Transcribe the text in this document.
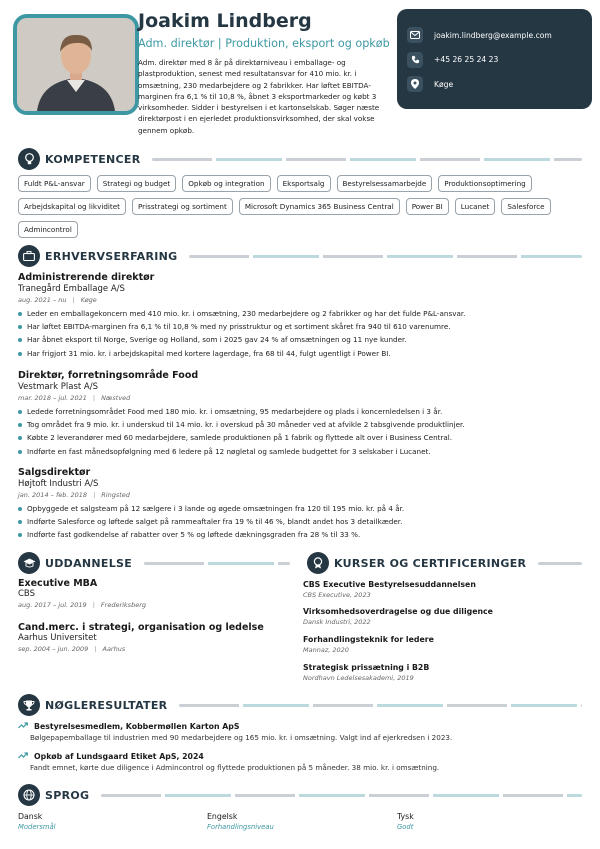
Joakim Lindberg
Adm. direktør | Produktion, eksport og opkøb
Adm. direktør med 8 år på direktørniveau i emballage- og plastproduktion, senest med resultatansvar for 410 mio. kr. i omsætning, 230 medarbejdere og 2 fabrikker. Har løftet EBITDA-marginen fra 6,1 % til 10,8 %, åbnet 3 eksportmarkeder og købt 3 virksomheder. Sidder i bestyrelsen i et kartonselskab. Søger næste direktørpost i en ejerledet produktionsvirksomhed, der skal vokse gennem opkøb.
joakim.lindberg@example.com
+45 26 25 24 23
Køge
KOMPETENCER
Fuldt P&L-ansvar	Strategi og budget	Opkøb og integration	Eksportsalg	Bestyrelsessamarbejde	Produktionsoptimering
Arbejdskapital og likviditet	Prisstrategi og sortiment	Microsoft Dynamics 365 Business Central	Power BI	Lucanet	Salesforce
Admincontrol
ERHVERVSERFARING
Administrerende direktør
Tranegård Emballage A/S
aug. 2021 – nu | Køge
Leder en emballagekoncern med 410 mio. kr. i omsætning, 230 medarbejdere og 2 fabrikker og har det fulde P&L-ansvar.
Har løftet EBITDA-marginen fra 6,1 % til 10,8 % med ny prisstruktur og et sortiment skåret fra 940 til 610 varenumre.
Har åbnet eksport til Norge, Sverige og Holland, som i 2025 gav 24 % af omsætningen og 11 nye kunder.
Har frigjort 31 mio. kr. i arbejdskapital med kortere lagerdage, fra 68 til 44, fulgt ugentligt i Power BI.
Direktør, forretningsområde Food
Vestmark Plast A/S
mar. 2018 – jul. 2021 | Næstved
Ledede forretningsområdet Food med 180 mio. kr. i omsætning, 95 medarbejdere og plads i koncernledelsen i 3 år.
Tog området fra 9 mio. kr. i underskud til 14 mio. kr. i overskud på 30 måneder ved at afvikle 2 tabsgivende produktlinjer.
Købte 2 leverandører med 60 medarbejdere, samlede produktionen på 1 fabrik og flyttede alt over i Business Central.
Indførte en fast månedsopfølgning med 6 ledere på 12 nøgletal og samlede budgettet for 3 selskaber i Lucanet.
Salgsdirektør
Højtoft Industri A/S
jan. 2014 – feb. 2018 | Ringsted
Opbyggede et salgsteam på 12 sælgere i 3 lande og øgede omsætningen fra 120 til 195 mio. kr. på 4 år.
Indførte Salesforce og løftede salget på rammeaftaler fra 19 % til 46 %, blandt andet hos 3 detailkæder.
Indførte fast godkendelse af rabatter over 5 % og løftede dækningsgraden fra 28 % til 33 %.
UDDANNELSE
Executive MBA
CBS
aug. 2017 – jul. 2019 | Frederiksberg
Cand.merc. i strategi, organisation og ledelse
Aarhus Universitet
sep. 2004 – jun. 2009 | Aarhus
KURSER OG CERTIFICERINGER
CBS Executive Bestyrelsesuddannelsen
CBS Executive, 2023
Virksomhedsoverdragelse og due diligence
Dansk Industri, 2022
Forhandlingsteknik for ledere
Mannaz, 2020
Strategisk prissætning i B2B
Nordhavn Ledelsesakademi, 2019
NØGLERESULTATER
Bestyrelsesmedlem, Kobbermøllen Karton ApS
Bølgepapemballage til industrien med 90 medarbejdere og 165 mio. kr. i omsætning. Valgt ind af ejerkredsen i 2023.
Opkøb af Lundsgaard Etiket ApS, 2024
Fandt emnet, kørte due diligence i Admincontrol og flyttede produktionen på 5 måneder. 38 mio. kr. i omsætning.
SPROG
Dansk
Modersmål
Engelsk
Forhandlingsniveau
Tysk
Godt
